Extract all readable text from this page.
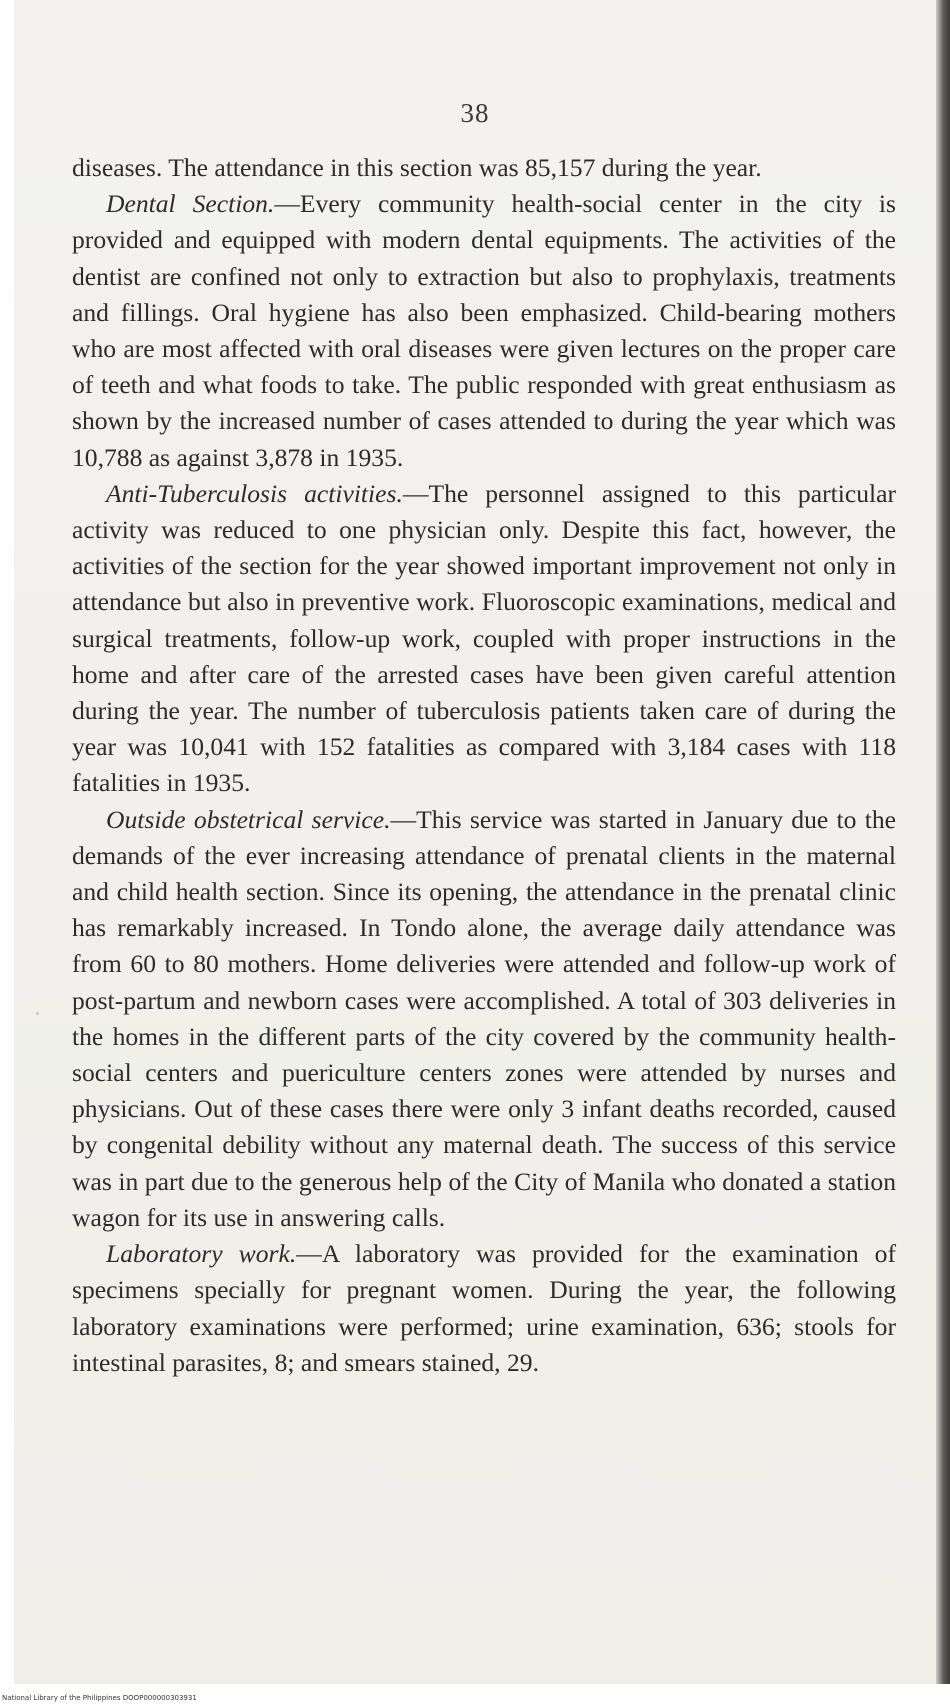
38

diseases. The attendance in this section was 85,157 during the year.

Dental Section.—Every community health-social center in the city is provided and equipped with modern dental equipments. The activities of the dentist are confined not only to extraction but also to prophylaxis, treatments and fillings. Oral hygiene has also been emphasized. Child-bearing mothers who are most affected with oral diseases were given lectures on the proper care of teeth and what foods to take. The public responded with great enthusiasm as shown by the increased number of cases attended to during the year which was 10,788 as against 3,878 in 1935.

Anti-Tuberculosis activities.—The personnel assigned to this particular activity was reduced to one physician only. Despite this fact, however, the activities of the section for the year showed important improvement not only in attendance but also in preventive work. Fluoroscopic examinations, medical and surgical treatments, follow-up work, coupled with proper instructions in the home and after care of the arrested cases have been given careful attention during the year. The number of tuberculosis patients taken care of during the year was 10,041 with 152 fatalities as compared with 3,184 cases with 118 fatalities in 1935.

Outside obstetrical service.—This service was started in January due to the demands of the ever increasing attendance of prenatal clients in the maternal and child health section. Since its opening, the attendance in the prenatal clinic has remarkably increased. In Tondo alone, the average daily attendance was from 60 to 80 mothers. Home deliveries were attended and follow-up work of post-partum and newborn cases were accomplished. A total of 303 deliveries in the homes in the different parts of the city covered by the community health-social centers and puericulture centers zones were attended by nurses and physicians. Out of these cases there were only 3 infant deaths recorded, caused by congenital debility without any maternal death. The success of this service was in part due to the generous help of the City of Manila who donated a station wagon for its use in answering calls.

Laboratory work.—A laboratory was provided for the examination of specimens specially for pregnant women. During the year, the following laboratory examinations were performed; urine examination, 636; stools for intestinal parasites, 8; and smears stained, 29.

National Library of the Philippines DOOP000000303931
